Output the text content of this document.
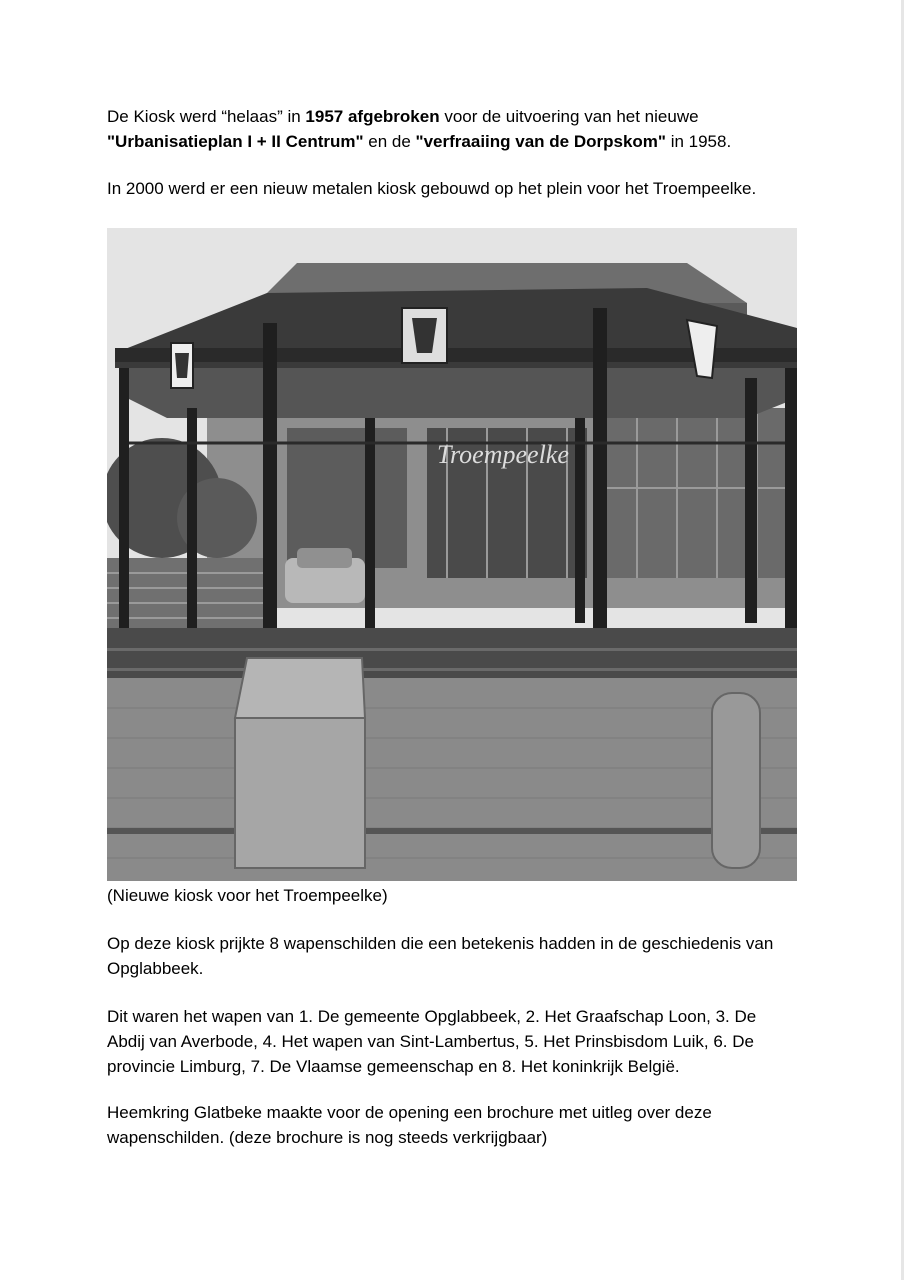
De Kiosk werd “helaas” in 1957 afgebroken voor de uitvoering van het nieuwe "Urbanisatieplan I + II Centrum" en de "verfraaiing van de Dorpskom" in 1958.

In 2000 werd er een nieuw metalen kiosk gebouwd op het plein voor het Troempeelke.

Troempeelke

(Nieuwe kiosk voor het Troempeelke)

Op deze kiosk prijkte 8 wapenschilden die een betekenis hadden in de geschiedenis van Opglabbeek.

Dit waren het wapen van 1. De gemeente Opglabbeek, 2. Het Graafschap Loon, 3. De Abdij van Averbode, 4. Het wapen van Sint-Lambertus, 5. Het Prinsbisdom Luik, 6. De provincie Limburg, 7. De Vlaamse gemeenschap en 8. Het koninkrijk België.

Heemkring Glatbeke maakte voor de opening een brochure met uitleg over deze wapenschilden. (deze brochure is nog steeds verkrijgbaar)
